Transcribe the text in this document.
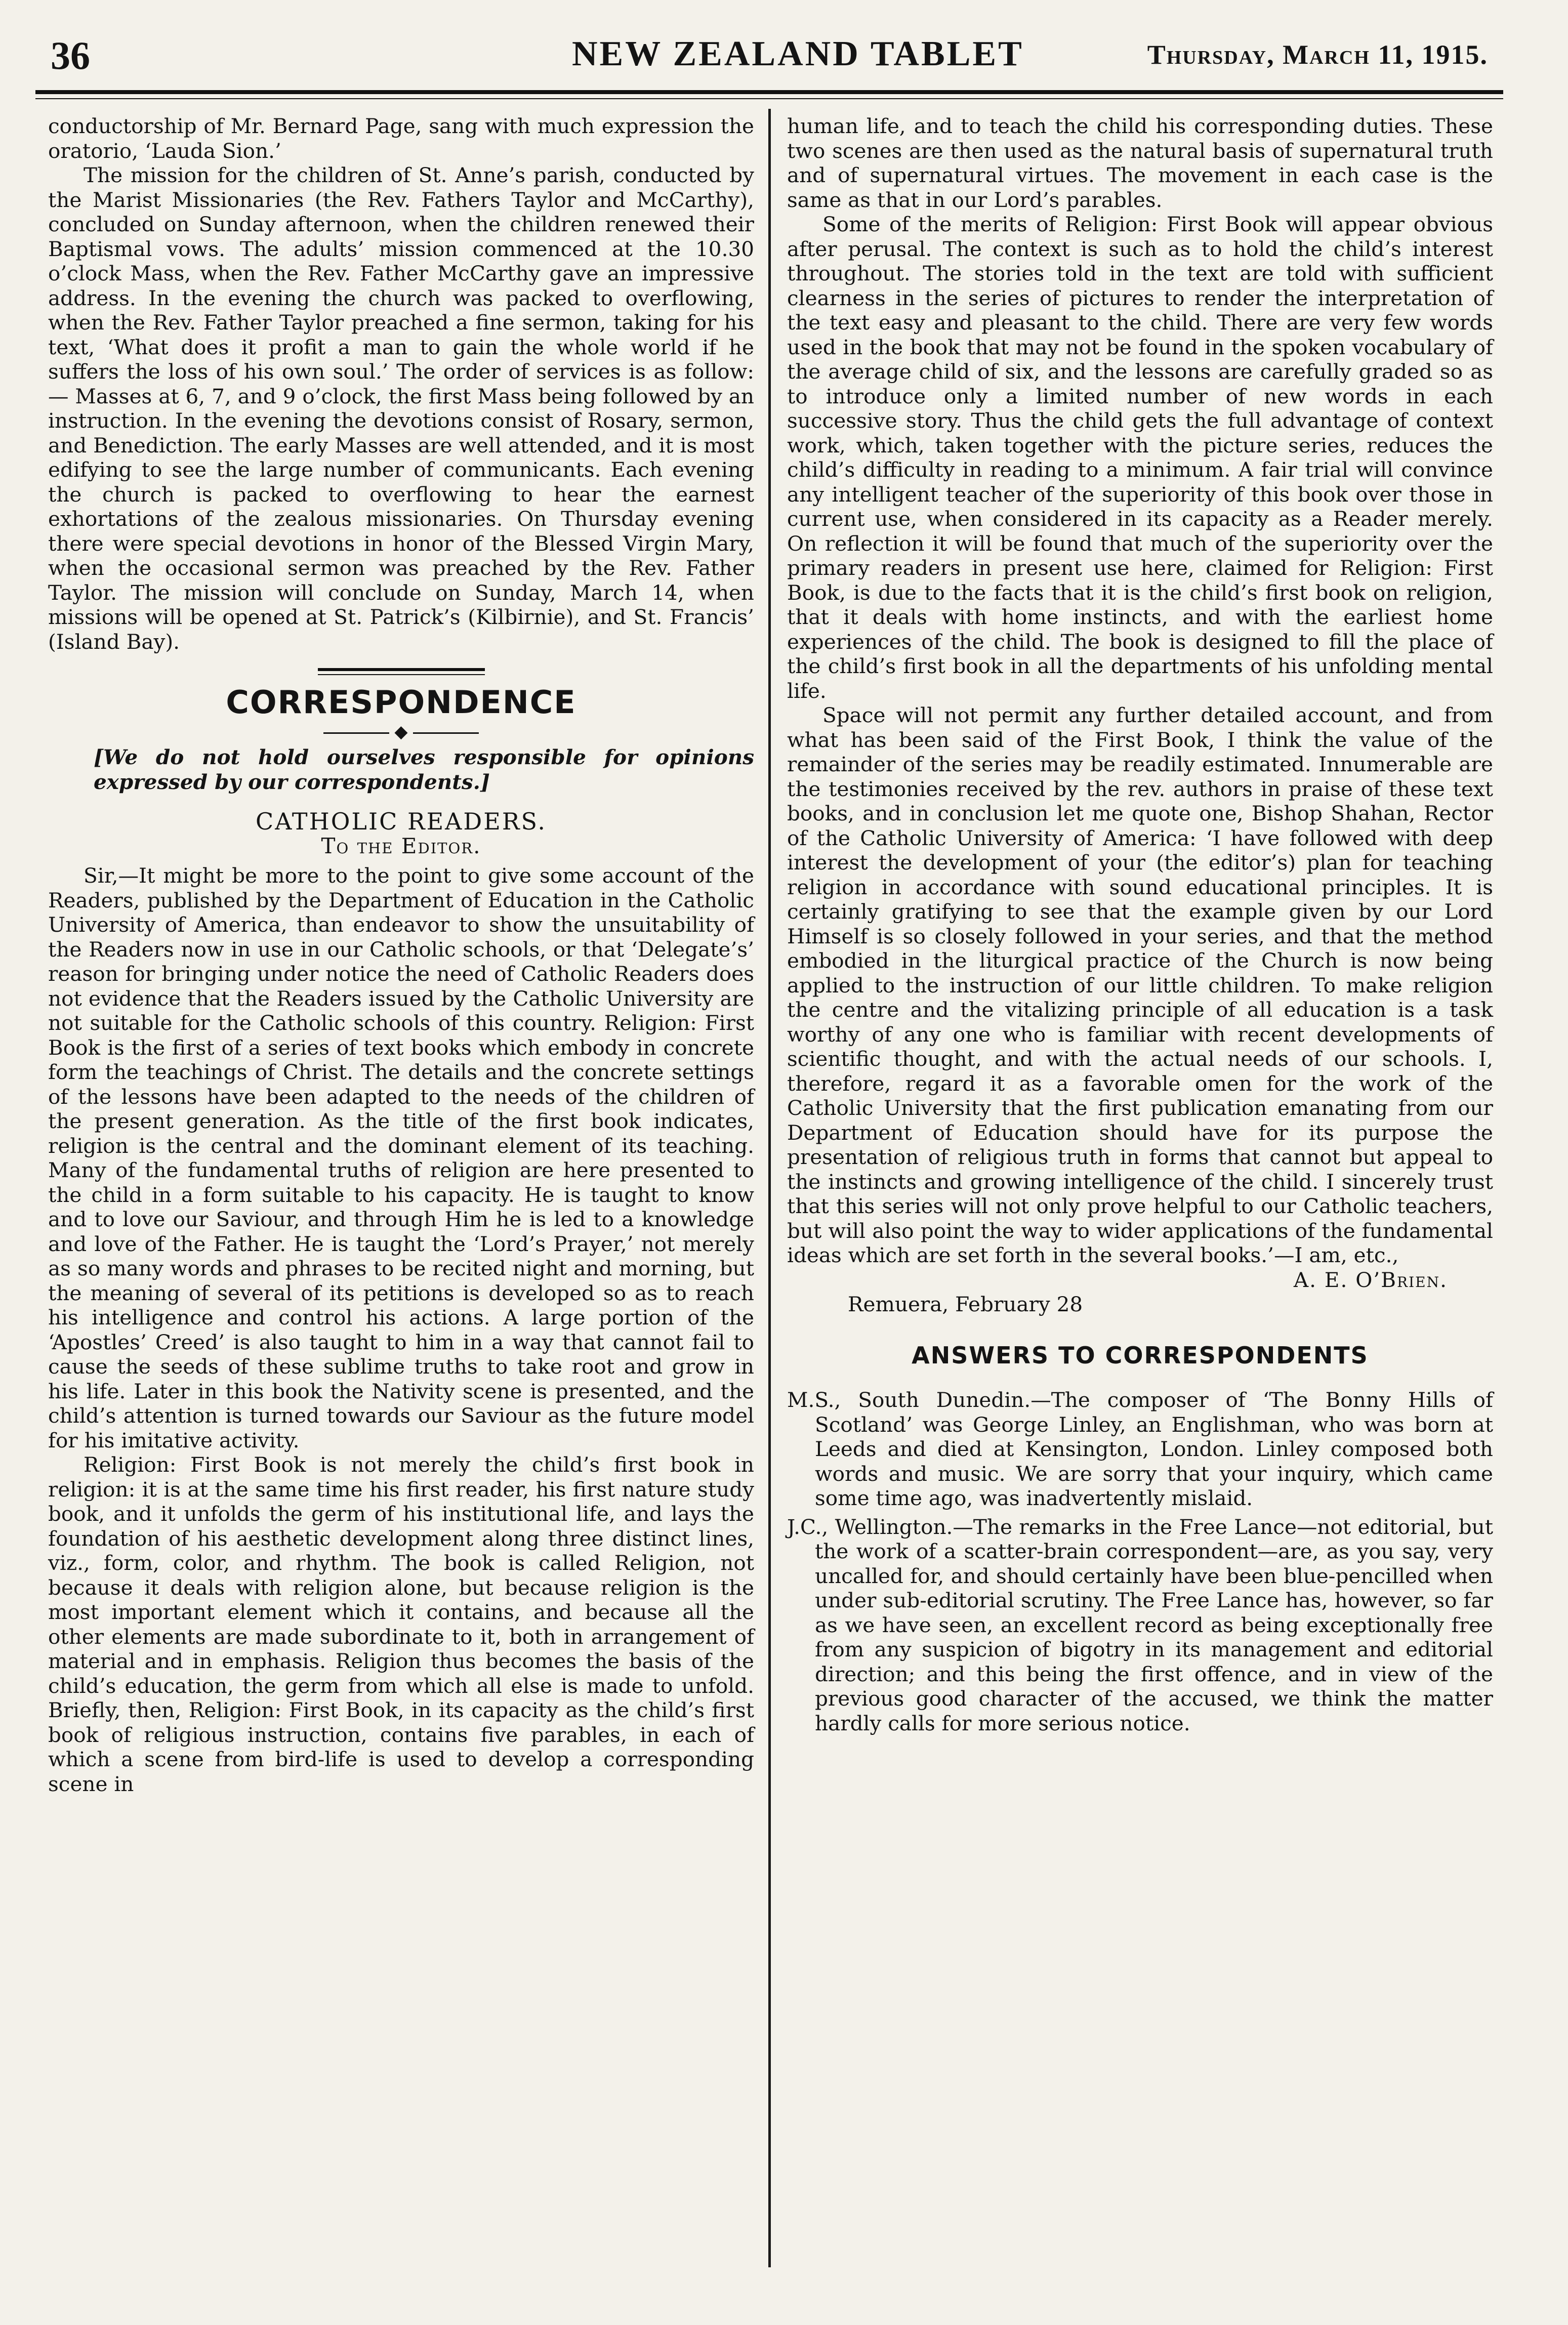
36	NEW ZEALAND TABLET	Thursday, March 11, 1915.

conductorship of Mr. Bernard Page, sang with much expression the oratorio, ‘Lauda Sion.’

The mission for the children of St. Anne’s parish, conducted by the Marist Missionaries (the Rev. Fathers Taylor and McCarthy), concluded on Sunday afternoon, when the children renewed their Baptismal vows. The adults’ mission commenced at the 10.30 o’clock Mass, when the Rev. Father McCarthy gave an impressive address. In the evening the church was packed to overflowing, when the Rev. Father Taylor preached a fine sermon, taking for his text, ‘What does it profit a man to gain the whole world if he suffers the loss of his own soul.’ The order of services is as follow:— Masses at 6, 7, and 9 o’clock, the first Mass being followed by an instruction. In the evening the devotions consist of Rosary, sermon, and Benediction. The early Masses are well attended, and it is most edifying to see the large number of communicants. Each evening the church is packed to overflowing to hear the earnest exhortations of the zealous missionaries. On Thursday evening there were special devotions in honor of the Blessed Virgin Mary, when the occasional sermon was preached by the Rev. Father Taylor. The mission will conclude on Sunday, March 14, when missions will be opened at St. Patrick’s (Kilbirnie), and St. Francis’ (Island Bay).

CORRESPONDENCE

◆

[We do not hold ourselves responsible for opinions expressed by our correspondents.]

CATHOLIC READERS.

To the Editor.

Sir,—It might be more to the point to give some account of the Readers, published by the Department of Education in the Catholic University of America, than endeavor to show the unsuitability of the Readers now in use in our Catholic schools, or that ‘Delegate’s’ reason for bringing under notice the need of Catholic Readers does not evidence that the Readers issued by the Catholic University are not suitable for the Catholic schools of this country. Religion: First Book is the first of a series of text books which embody in concrete form the teachings of Christ. The details and the concrete settings of the lessons have been adapted to the needs of the children of the present generation. As the title of the first book indicates, religion is the central and the dominant element of its teaching. Many of the fundamental truths of religion are here presented to the child in a form suitable to his capacity. He is taught to know and to love our Saviour, and through Him he is led to a knowledge and love of the Father. He is taught the ‘Lord’s Prayer,’ not merely as so many words and phrases to be recited night and morning, but the meaning of several of its petitions is developed so as to reach his intelligence and control his actions. A large portion of the ‘Apostles’ Creed’ is also taught to him in a way that cannot fail to cause the seeds of these sublime truths to take root and grow in his life. Later in this book the Nativity scene is presented, and the child’s attention is turned towards our Saviour as the future model for his imitative activity.

Religion: First Book is not merely the child’s first book in religion: it is at the same time his first reader, his first nature study book, and it unfolds the germ of his institutional life, and lays the foundation of his aesthetic development along three distinct lines, viz., form, color, and rhythm. The book is called Religion, not because it deals with religion alone, but because religion is the most important element which it contains, and because all the other elements are made subordinate to it, both in arrangement of material and in emphasis. Religion thus becomes the basis of the child’s education, the germ from which all else is made to unfold. Briefly, then, Religion: First Book, in its capacity as the child’s first book of religious instruction, contains five parables, in each of which a scene from bird-life is used to develop a corresponding scene in

human life, and to teach the child his corresponding duties. These two scenes are then used as the natural basis of supernatural truth and of supernatural virtues. The movement in each case is the same as that in our Lord’s parables.

Some of the merits of Religion: First Book will appear obvious after perusal. The context is such as to hold the child’s interest throughout. The stories told in the text are told with sufficient clearness in the series of pictures to render the interpretation of the text easy and pleasant to the child. There are very few words used in the book that may not be found in the spoken vocabulary of the average child of six, and the lessons are carefully graded so as to introduce only a limited number of new words in each successive story. Thus the child gets the full advantage of context work, which, taken together with the picture series, reduces the child’s difficulty in reading to a minimum. A fair trial will convince any intelligent teacher of the superiority of this book over those in current use, when considered in its capacity as a Reader merely. On reflection it will be found that much of the superiority over the primary readers in present use here, claimed for Religion: First Book, is due to the facts that it is the child’s first book on religion, that it deals with home instincts, and with the earliest home experiences of the child. The book is designed to fill the place of the child’s first book in all the departments of his unfolding mental life.

Space will not permit any further detailed account, and from what has been said of the First Book, I think the value of the remainder of the series may be readily estimated. Innumerable are the testimonies received by the rev. authors in praise of these text books, and in conclusion let me quote one, Bishop Shahan, Rector of the Catholic University of America: ‘I have followed with deep interest the development of your (the editor’s) plan for teaching religion in accordance with sound educational principles. It is certainly gratifying to see that the example given by our Lord Himself is so closely followed in your series, and that the method embodied in the liturgical practice of the Church is now being applied to the instruction of our little children. To make religion the centre and the vitalizing principle of all education is a task worthy of any one who is familiar with recent developments of scientific thought, and with the actual needs of our schools. I, therefore, regard it as a favorable omen for the work of the Catholic University that the first publication emanating from our Department of Education should have for its purpose the presentation of religious truth in forms that cannot but appeal to the instincts and growing intelligence of the child. I sincerely trust that this series will not only prove helpful to our Catholic teachers, but will also point the way to wider applications of the fundamental ideas which are set forth in the several books.’—I am, etc.,

A. E. O’Brien.

Remuera, February 28

ANSWERS TO CORRESPONDENTS

M.S., South Dunedin.—The composer of ‘The Bonny Hills of Scotland’ was George Linley, an Englishman, who was born at Leeds and died at Kensington, London. Linley composed both words and music. We are sorry that your inquiry, which came some time ago, was inadvertently mislaid.

J.C., Wellington.—The remarks in the Free Lance—not editorial, but the work of a scatter-brain correspondent—are, as you say, very uncalled for, and should certainly have been blue-pencilled when under sub-editorial scrutiny. The Free Lance has, however, so far as we have seen, an excellent record as being exceptionally free from any suspicion of bigotry in its management and editorial direction; and this being the first offence, and in view of the previous good character of the accused, we think the matter hardly calls for more serious notice.
